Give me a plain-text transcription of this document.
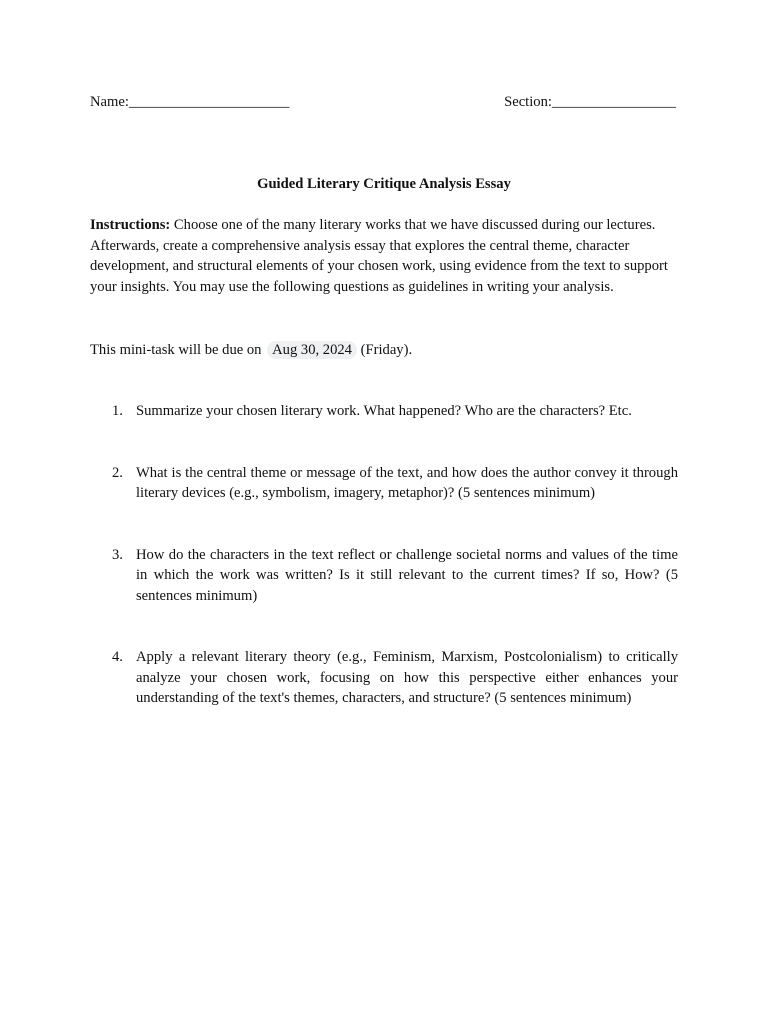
Name:______________________	Section:_________________
Guided Literary Critique Analysis Essay
Instructions: Choose one of the many literary works that we have discussed during our lectures. Afterwards, create a comprehensive analysis essay that explores the central theme, character development, and structural elements of your chosen work, using evidence from the text to support your insights. You may use the following questions as guidelines in writing your analysis.
This mini-task will be due on Aug 30, 2024 (Friday).
1. Summarize your chosen literary work. What happened? Who are the characters? Etc.
2. What is the central theme or message of the text, and how does the author convey it through literary devices (e.g., symbolism, imagery, metaphor)? (5 sentences minimum)
3. How do the characters in the text reflect or challenge societal norms and values of the time in which the work was written? Is it still relevant to the current times? If so, How? (5 sentences minimum)
4. Apply a relevant literary theory (e.g., Feminism, Marxism, Postcolonialism) to critically analyze your chosen work, focusing on how this perspective either enhances your understanding of the text's themes, characters, and structure? (5 sentences minimum)
